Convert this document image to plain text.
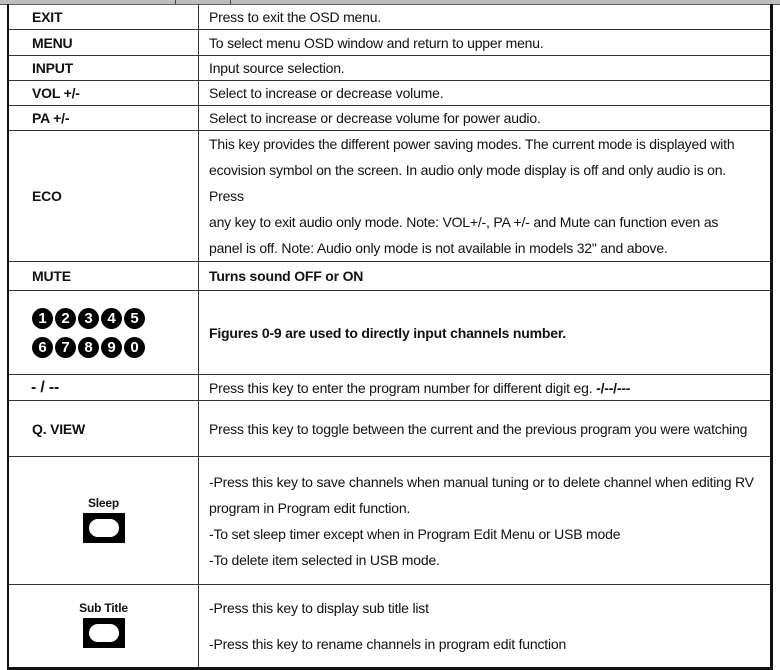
EXIT	Press to exit the OSD menu.
MENU	To select menu OSD window and return to upper menu.
INPUT	Input source selection.
VOL +/-	Select to increase or decrease volume.
PA +/-	Select to increase or decrease volume for power audio.
ECO	This key provides the different power saving modes. The current mode is displayed with
ecovision symbol on the screen. In audio only mode display is off and only audio is on. Press
any key to exit audio only mode. Note: VOL+/-, PA +/- and Mute can function even as
panel is off. Note: Audio only mode is not available in models 32" and above.

MUTE	Turns sound OFF or ON

1 2 3 4 5
6 7 8 9 0
	Figures 0-9 are used to directly input channels number.
- / --	Press this key to enter the program number for different digit eg. -/--/---
Q. VIEW	Press this key to toggle between the current and the previous program you were watching

Sleep	-Press this key to save channels when manual tuning or to delete channel when editing RV
program in Program edit function.
-To set sleep timer except when in Program Edit Menu or USB mode
-To delete item selected in USB mode.

Sub Title	-Press this key to display sub title list
-Press this key to rename channels in program edit function
